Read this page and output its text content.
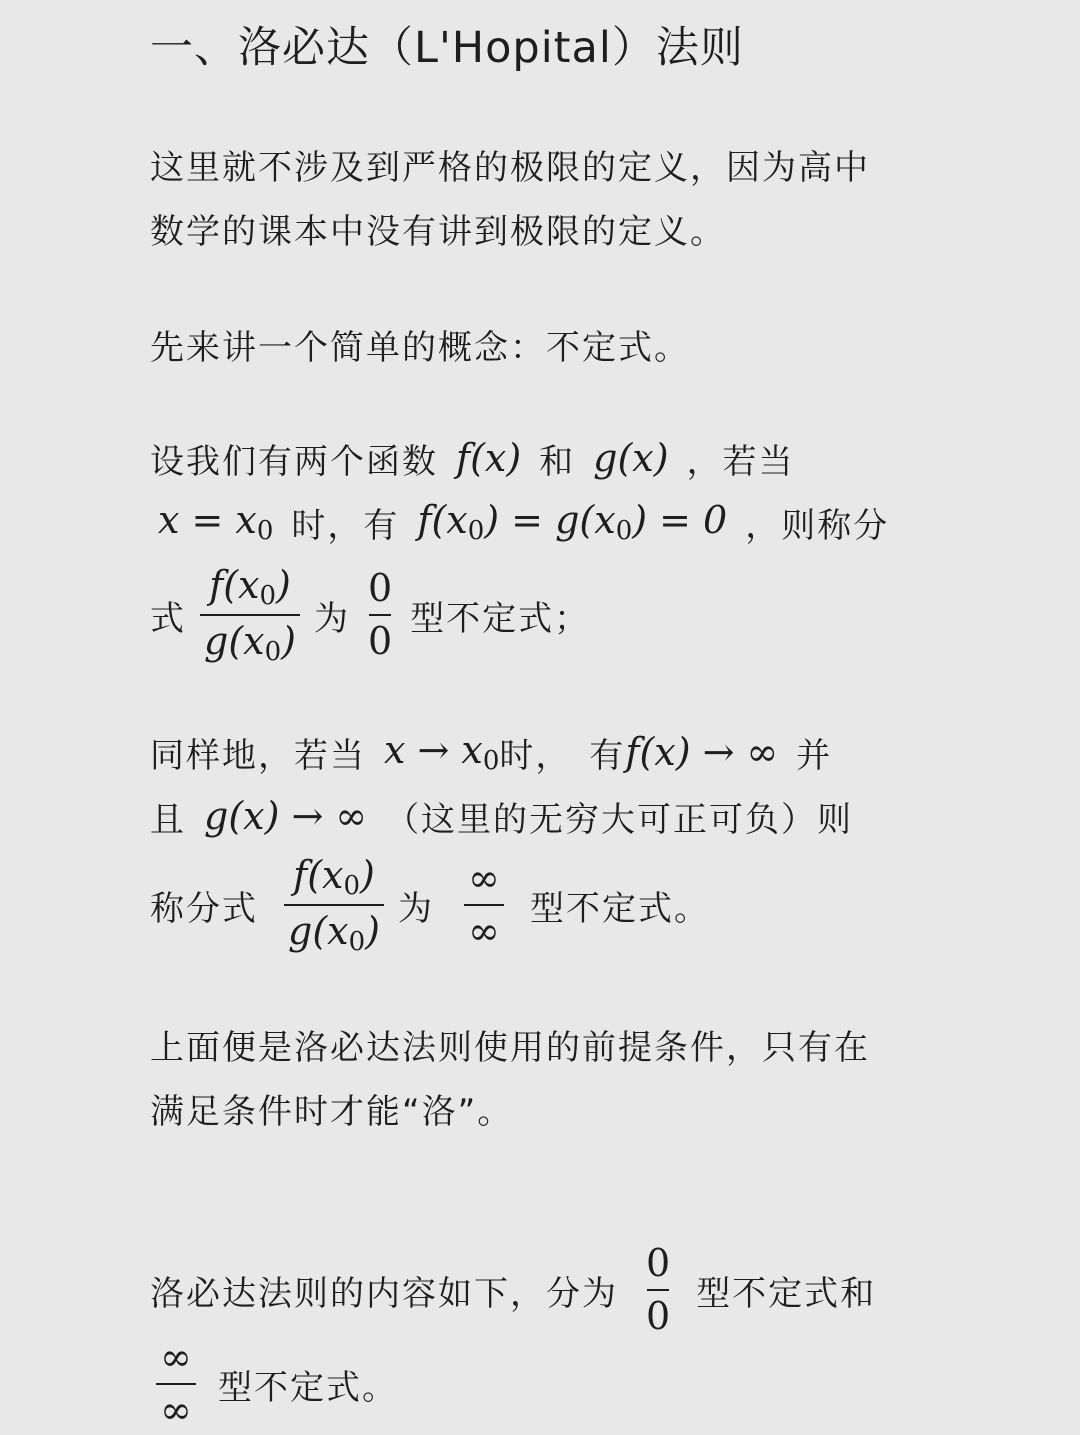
一、洛必达（L'Hopital）法则
这里就不涉及到严格的极限的定义，因为高中
数学的课本中没有讲到极限的定义。
先来讲一个简单的概念：不定式。
设我们有两个函数 f(x) 和 g(x) ，若当
$x = x_0$ 时，有 $f(x_0) = g(x_0) = 0$ ，则称分
式 $\frac{f(x_0)}{g(x_0)}$ 为 $\frac{0}{0}$ 型不定式；
同样地，若当 $x \to x_0$ 时， 有 f(x) → ∞ 并
且 g(x) → ∞ （这里的无穷大可正可负）则
称分式 $\frac{f(x_0)}{g(x_0)}$ 为 $\frac{\infty}{\infty}$ 型不定式。
上面便是洛必达法则使用的前提条件，只有在
满足条件时才能“洛”。
洛必达法则的内容如下，分为 $\frac{0}{0}$ 型不定式和
$\frac{\infty}{\infty}$ 型不定式。
